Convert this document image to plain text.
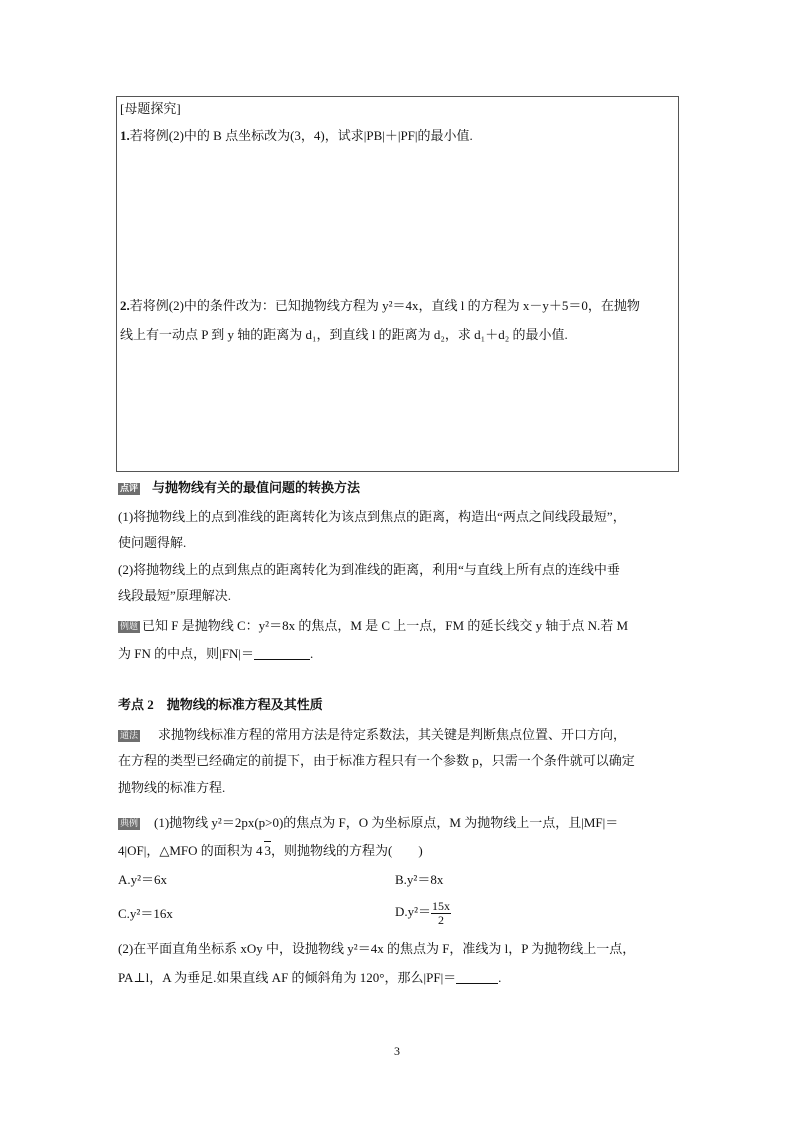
[母题探究]
1.若将例(2)中的 B 点坐标改为(3，4)，试求|PB|＋|PF|的最小值.
2.若将例(2)中的条件改为：已知抛物线方程为 y²＝4x，直线 l 的方程为 x－y＋5＝0，在抛物
线上有一动点 P 到 y 轴的距离为 d₁，到直线 l 的距离为 d₂，求 d₁＋d₂ 的最小值.
点评 与抛物线有关的最值问题的转换方法
(1)将抛物线上的点到准线的距离转化为该点到焦点的距离，构造出“两点之间线段最短”，
使问题得解.
(2)将抛物线上的点到焦点的距离转化为到准线的距离，利用“与直线上所有点的连线中垂
线段最短”原理解决.
例题 已知 F 是抛物线 C：y²＝8x 的焦点，M 是 C 上一点，FM 的延长线交 y 轴于点 N.若 M
为 FN 的中点，则|FN|＝	.
考点 2　抛物线的标准方程及其性质
通法 求抛物线标准方程的常用方法是待定系数法，其关键是判断焦点位置、开口方向，
在方程的类型已经确定的前提下，由于标准方程只有一个参数 p，只需一个条件就可以确定
抛物线的标准方程.
典例 (1)抛物线 y²＝2px(p>0)的焦点为 F，O 为坐标原点，M 为抛物线上一点，且|MF|＝
4|OF|，△MFO 的面积为 4 3，则抛物线的方程为(　　)
A.y²＝6x	B.y²＝8x
C.y²＝16x	$D.y^2= \frac{15x}{2}$
(2)在平面直角坐标系 xOy 中，设抛物线 y²＝4x 的焦点为 F，准线为 l，P 为抛物线上一点，
PA⊥l，A 为垂足.如果直线 AF 的倾斜角为 120°，那么|PF|＝	.
3
